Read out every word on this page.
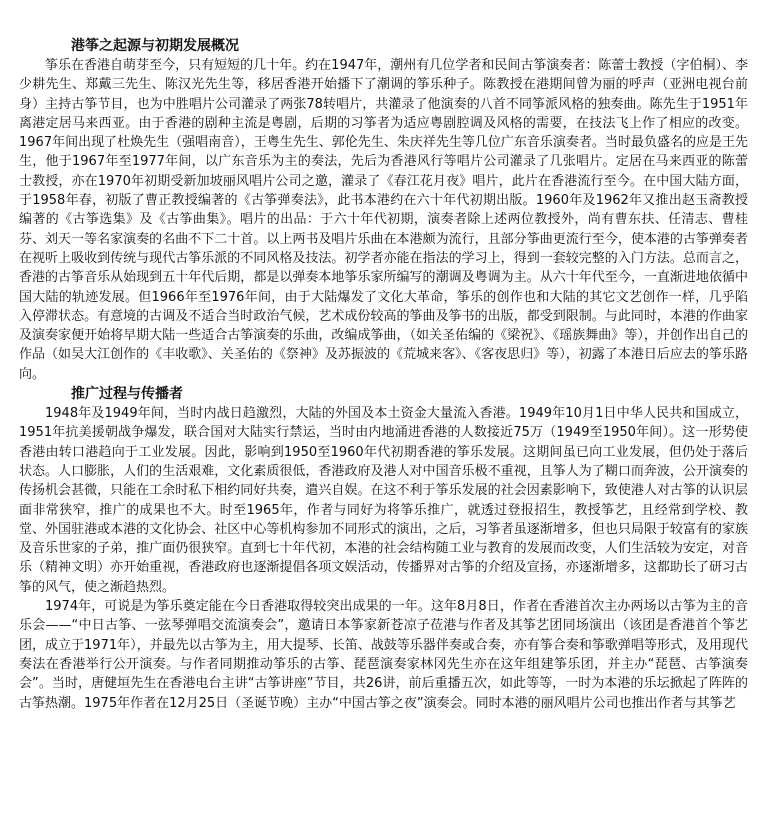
港筝之起源与初期发展概况

筝乐在香港自萌芽至今，只有短短的几十年。约在1947年，潮州有几位学者和民间古筝演奏者：陈蕾士教授（字伯桐）、李少耕先生、郑戴三先生、陈汉光先生等，移居香港开始播下了潮调的筝乐种子。陈教授在港期间曾为丽的呼声（亚洲电视台前身）主持古筝节目，也为中胜唱片公司灌录了两张78转唱片，共灌录了他演奏的八首不同筝派风格的独奏曲。陈先生于1951年离港定居马来西亚。由于香港的剧种主流是粤剧，后期的习筝者为适应粤剧腔调及风格的需要，在技法飞上作了相应的改变。1967年间出现了杜焕先生（强唱南音），王粤生先生、郭伦先生、朱庆祥先生等几位广东音乐演奏者。当时最负盛名的应是王先生，他于1967年至1977年间，以广东音乐为主的奏法，先后为香港风行等唱片公司灌录了几张唱片。定居在马来西亚的陈蕾士教授，亦在1970年初期受新加坡丽风唱片公司之邀，灌录了《春江花月夜》唱片，此片在香港流行至今。在中国大陆方面，于1958年春，初版了曹正教授编著的《古筝弹奏法》，此书本港约在六十年代初期出版。1960年及1962年又推出赵玉斋教授编著的《古筝选集》及《古筝曲集》。唱片的出品：于六十年代初期，演奏者除上述两位教授外，尚有曹东扶、任清志、曹桂芬、刘天一等名家演奏的名曲不下二十首。以上两书及唱片乐曲在本港颇为流行，且部分筝曲更流行至今，使本港的古筝弹奏者在视听上吸收到传统与现代古筝乐派的不同风格及技法。初学者亦能在指法的学习上，得到一套较完整的入门方法。总而言之，香港的古筝音乐从始现到五十年代后期，都是以弹奏本地筝乐家所编写的潮调及粤调为主。从六十年代至今，一直渐进地依循中国大陆的轨迹发展。但1966年至1976年间，由于大陆爆发了文化大革命，筝乐的创作也和大陆的其它文艺创作一样，几乎陷入停滞状态。有意境的古调及不适合当时政治气候，艺术成份较高的筝曲及筝书的出版，都受到限制。与此同时，本港的作曲家及演奏家便开始将早期大陆一些适合古筝演奏的乐曲，改编成筝曲，（如关圣佑编的《梁祝》、《瑶族舞曲》等），并创作出自己的作品（如吴大江创作的《丰收歌》、关圣佑的《祭神》及苏振波的《荒城来客》、《客夜思归》等），初露了本港日后应去的筝乐路向。

推广过程与传播者

1948年及1949年间，当时内战日趋激烈，大陆的外国及本土资金大量流入香港。1949年10月1日中华人民共和国成立，1951年抗美援朝战争爆发，联合国对大陆实行禁运，当时由内地涌进香港的人数接近75万（1949至1950年间）。这一形势使香港由转口港趋向于工业发展。因此，影响到1950至1960年代初期香港的筝乐发展。这期间虽已向工业发展，但仍处于落后状态。人口膨胀，人们的生活艰难，文化素质很低，香港政府及港人对中国音乐极不重视，且筝人为了糊口而奔波，公开演奏的传扬机会甚微，只能在工余时私下相约同好共奏，遣兴自娱。在这不利于筝乐发展的社会因素影响下，致使港人对古筝的认识层面非常狭窄，推广的成果也不大。时至1965年，作者与同好为将筝乐推广，就透过登报招生，教授筝艺，且经常到学校、教堂、外国驻港或本港的文化协会、社区中心等机构参加不同形式的演出，之后，习筝者虽逐渐增多，但也只局限于较富有的家族及音乐世家的子弟，推广面仍很狭窄。直到七十年代初，本港的社会结构随工业与教育的发展而改变，人们生活较为安定，对音乐（精神文明）亦开始重视，香港政府也逐渐提倡各项文娱活动，传播界对古筝的介绍及宣扬，亦逐渐增多，这都助长了研习古筝的风气，使之渐趋热烈。

1974年，可说是为筝乐奠定能在今日香港取得较突出成果的一年。这年8月8日，作者在香港首次主办两场以古筝为主的音乐会——“中日古筝、一弦琴弹唱交流演奏会”，邀请日本筝家新苍凉子莅港与作者及其筝艺团同场演出（该团是香港首个筝艺团，成立于1971年），并最先以古筝为主，用大提琴、长笛、战鼓等乐器伴奏或合奏，亦有筝合奏和筝歌弹唱等形式，及用现代奏法在香港举行公开演奏。与作者同期推动筝乐的古筝、琵琶演奏家林冈先生亦在这年组建筝乐团，并主办“琵琶、古筝演奏会”。当时，唐健垣先生在香港电台主讲“古筝讲座”节目，共26讲，前后重播五次，如此等等，一时为本港的乐坛掀起了阵阵的古筝热潮。1975年作者在12月25日（圣诞节晚）主办“中国古筝之夜”演奏会。同时本港的丽风唱片公司也推出作者与其筝艺
